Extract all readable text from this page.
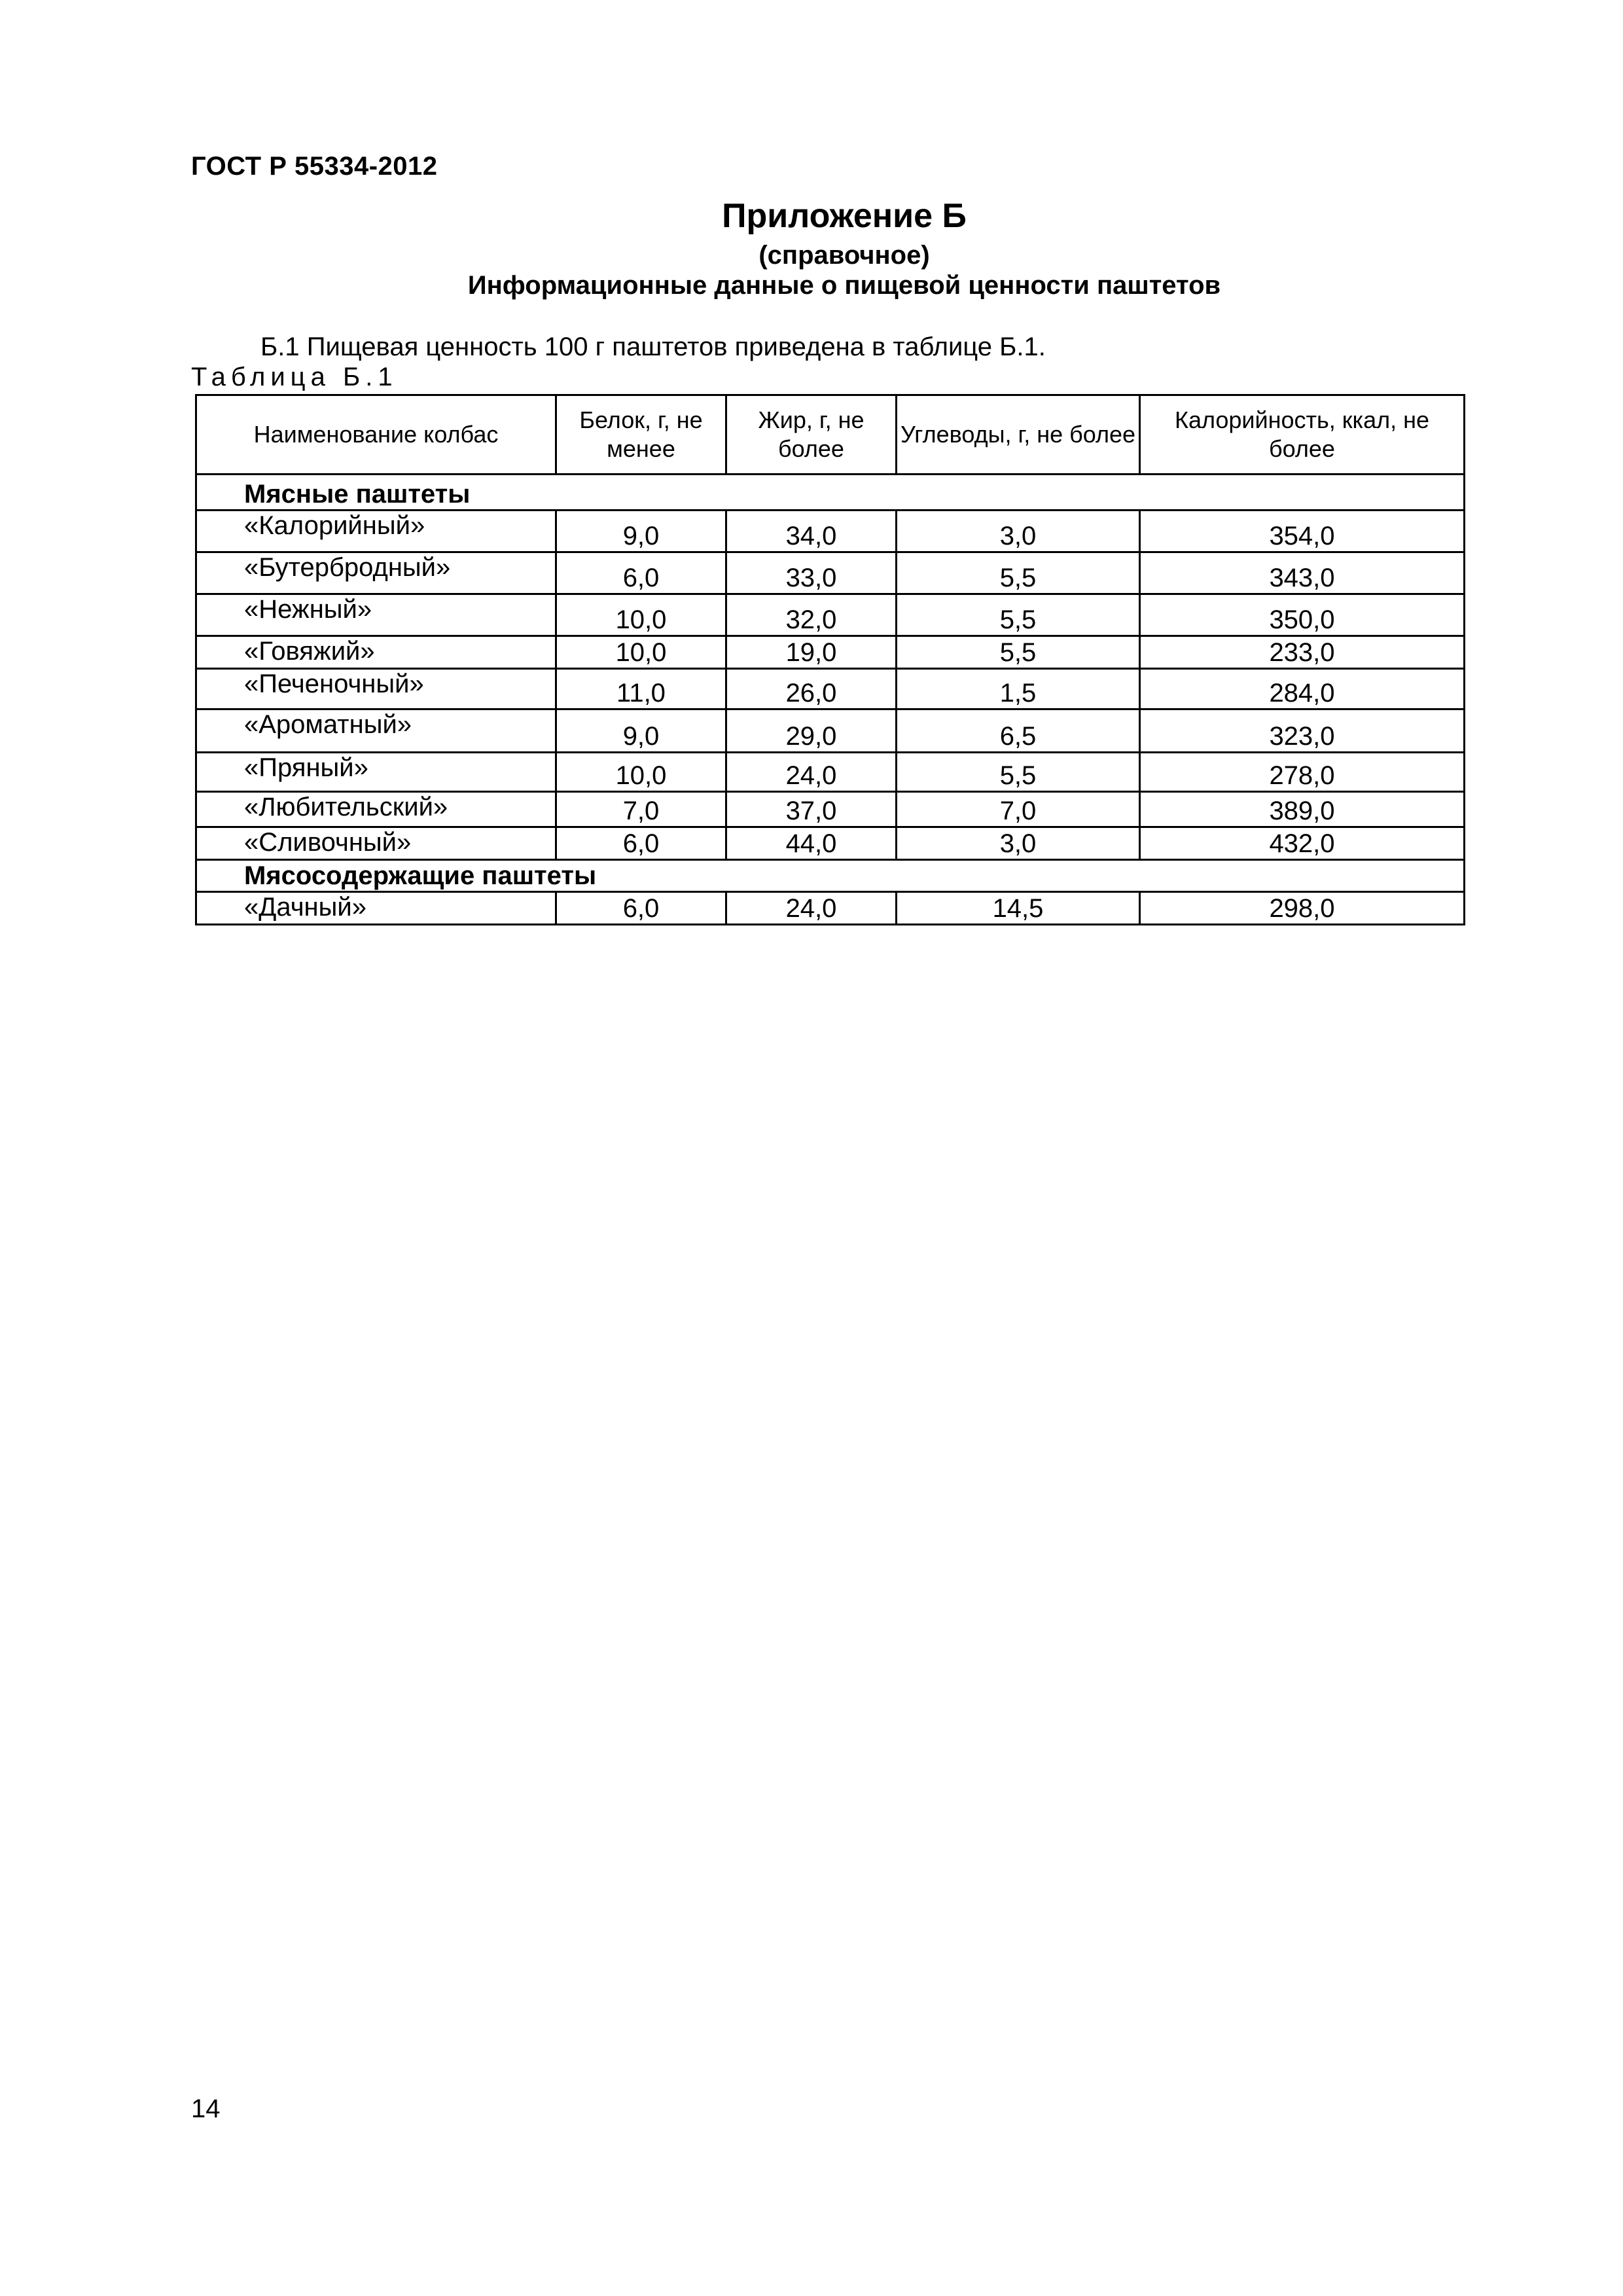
ГОСТ Р 55334-2012
Приложение Б
(справочное)
Информационные данные о пищевой ценности паштетов
Б.1 Пищевая ценность 100 г паштетов приведена в таблице Б.1.
Таблица Б.1
Наименование колбас	Белок, г, не менее	Жир, г, не более	Углеводы, г, не более	Калорийность, ккал, не более
Мясные паштеты				
«Калорийный»	9,0	34,0	3,0	354,0
«Бутербродный»	6,0	33,0	5,5	343,0
«Нежный»	10,0	32,0	5,5	350,0
«Говяжий»	10,0	19,0	5,5	233,0
«Печеночный»	11,0	26,0	1,5	284,0
«Ароматный»	9,0	29,0	6,5	323,0
«Пряный»	10,0	24,0	5,5	278,0
«Любительский»	7,0	37,0	7,0	389,0
«Сливочный»	6,0	44,0	3,0	432,0
Мясосодержащие паштеты				
«Дачный»	6,0	24,0	14,5	298,0
14
